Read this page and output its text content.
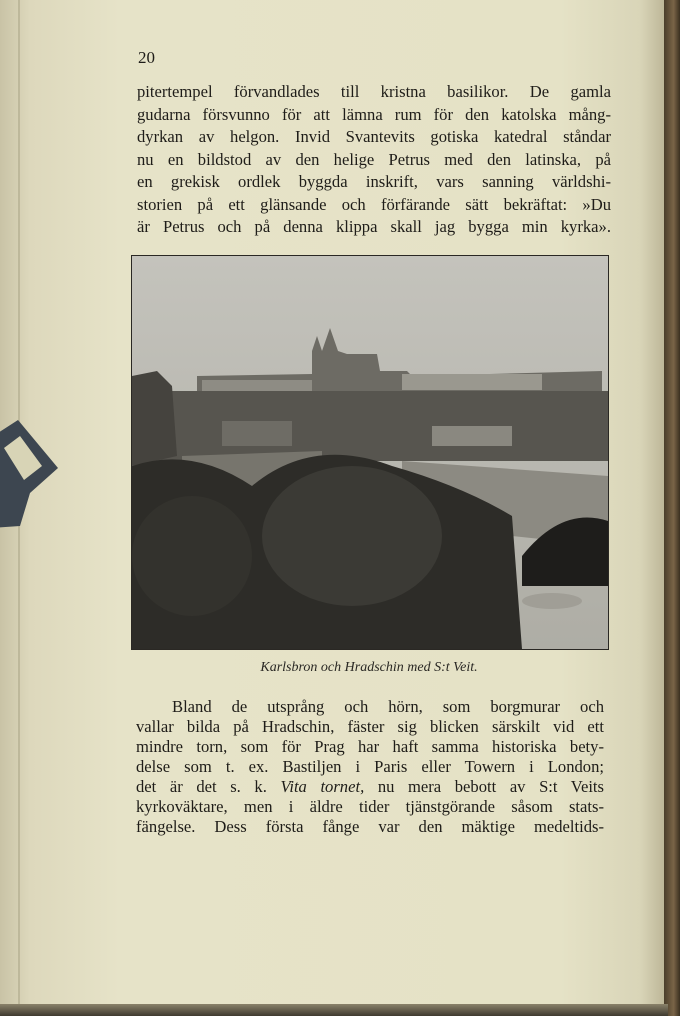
20
pitertempel förvandlades till kristna basilikor. De gamla
gudarna försvunno för att lämna rum för den katolska mång-
dyrkan av helgon. Invid Svantevits gotiska katedral ståndar
nu en bildstod av den helige Petrus med den latinska, på
en grekisk ordlek byggda inskrift, vars sanning världshi-
storien på ett glänsande och förfärande sätt bekräftat: »Du
är Petrus och på denna klippa skall jag bygga min kyrka».
Karlsbron och Hradschin med S:t Veit.
Bland de utsprång och hörn, som borgmurar och
vallar bilda på Hradschin, fäster sig blicken särskilt vid ett
mindre torn, som för Prag har haft samma historiska bety-
delse som t. ex. Bastiljen i Paris eller Towern i London;
det är det s. k. Vita tornet, nu mera bebott av S:t Veits
kyrkoväktare, men i äldre tider tjänstgörande såsom stats-
fängelse. Dess första fånge var den mäktige medeltids-
